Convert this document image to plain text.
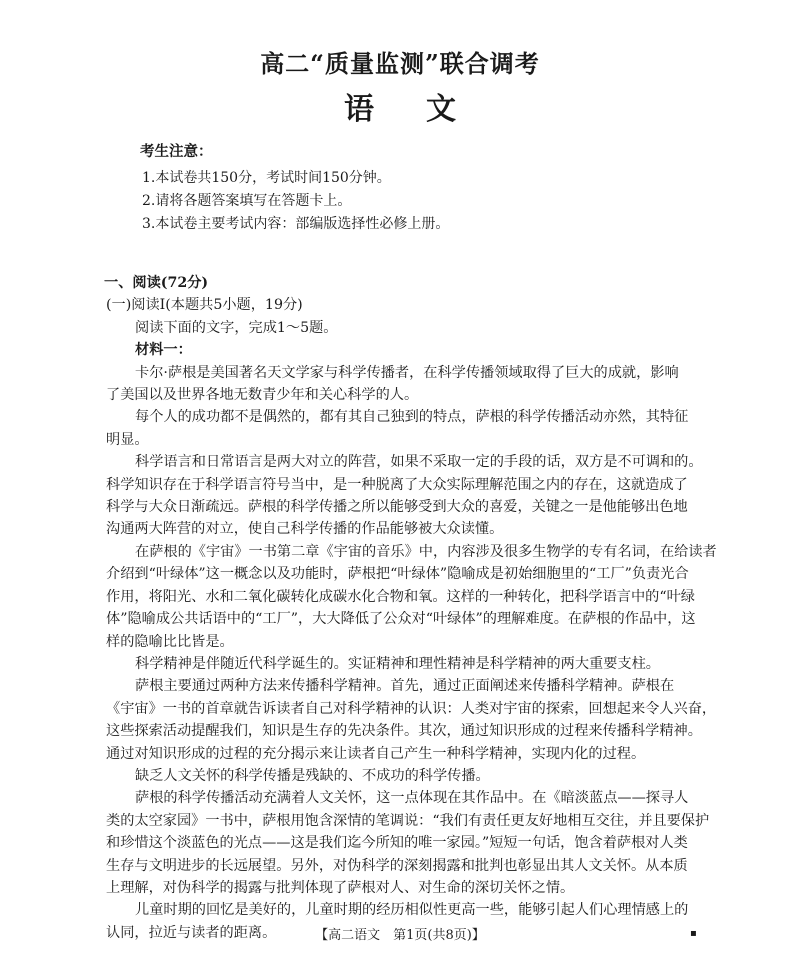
高二“质量监测”联合调考
语 文
考生注意：
1.本试卷共150分，考试时间150分钟。
2.请将各题答案填写在答题卡上。
3.本试卷主要考试内容：部编版选择性必修上册。
一、阅读(72分)
(一)阅读Ⅰ(本题共5小题，19分)
阅读下面的文字，完成1～5题。
材料一：
卡尔·萨根是美国著名天文学家与科学传播者，在科学传播领域取得了巨大的成就，影响
了美国以及世界各地无数青少年和关心科学的人。
每个人的成功都不是偶然的，都有其自己独到的特点，萨根的科学传播活动亦然，其特征
明显。
科学语言和日常语言是两大对立的阵营，如果不采取一定的手段的话，双方是不可调和的。
科学知识存在于科学语言符号当中，是一种脱离了大众实际理解范围之内的存在，这就造成了
科学与大众日渐疏远。萨根的科学传播之所以能够受到大众的喜爱，关键之一是他能够出色地
沟通两大阵营的对立，使自己科学传播的作品能够被大众读懂。
在萨根的《宇宙》一书第二章《宇宙的音乐》中，内容涉及很多生物学的专有名词，在给读者
介绍到“叶绿体”这一概念以及功能时，萨根把“叶绿体”隐喻成是初始细胞里的“工厂”负责光合
作用，将阳光、水和二氧化碳转化成碳水化合物和氧。这样的一种转化，把科学语言中的“叶绿
体”隐喻成公共话语中的“工厂”，大大降低了公众对“叶绿体”的理解难度。在萨根的作品中，这
样的隐喻比比皆是。
科学精神是伴随近代科学诞生的。实证精神和理性精神是科学精神的两大重要支柱。
萨根主要通过两种方法来传播科学精神。首先，通过正面阐述来传播科学精神。萨根在
《宇宙》一书的首章就告诉读者自己对科学精神的认识：人类对宇宙的探索，回想起来令人兴奋，
这些探索活动提醒我们，知识是生存的先决条件。其次，通过知识形成的过程来传播科学精神。
通过对知识形成的过程的充分揭示来让读者自己产生一种科学精神，实现内化的过程。
缺乏人文关怀的科学传播是残缺的、不成功的科学传播。
萨根的科学传播活动充满着人文关怀，这一点体现在其作品中。在《暗淡蓝点——探寻人
类的太空家园》一书中，萨根用饱含深情的笔调说：“我们有责任更友好地相互交往，并且要保护
和珍惜这个淡蓝色的光点——这是我们迄今所知的唯一家园。”短短一句话，饱含着萨根对人类
生存与文明进步的长远展望。另外，对伪科学的深刻揭露和批判也彰显出其人文关怀。从本质
上理解，对伪科学的揭露与批判体现了萨根对人、对生命的深切关怀之情。
儿童时期的回忆是美好的，儿童时期的经历相似性更高一些，能够引起人们心理情感上的
认同，拉近与读者的距离。	【高二语文　第1页(共8页)】	▪
